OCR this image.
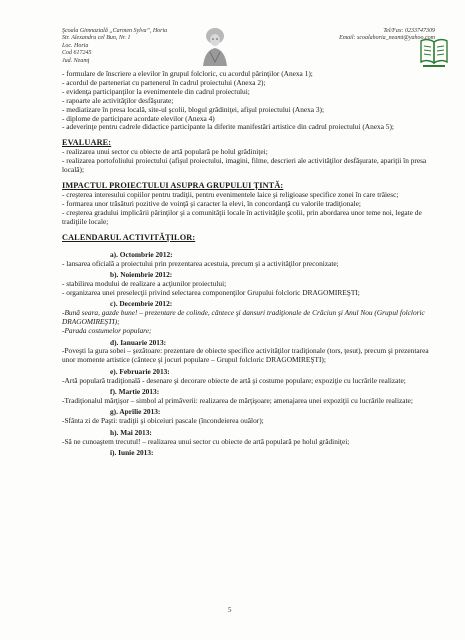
Şcoala Gimnazială „Carmen Sylva”, Horia
Str. Alexandru cel Bun, Nr. 1
Loc. Horia
Cod 617245
Jud. Neamţ
Tel/Fax: 0233747309
Email: scoalahoria_neamt@yahoo.com

- formulare de înscriere a elevilor în grupul folcloric, cu acordul părinţilor (Anexa 1);

- acordul de parteneriat cu partenerul în cadrul proiectului (Anexa 2);

- evidenţa participanţilor la evenimentele din cadrul proiectului;

- rapoarte ale activităţilor desfăşurate;

- mediatizare în presa locală, site-ul şcolii, blogul grădiniţei, afişul proiectului (Anexa 3);

- diplome de participare acordate elevilor (Anexa 4)

- adeverinţe pentru cadrele didactice participante la diferite manifestări artistice din cadrul proiectului (Anexa 5);

EVALUARE:

- realizarea unui sector cu obiecte de artă populară pe holul grădiniţei;

- realizarea portofoliului proiectului (afişul proiectului, imagini, filme, descrieri ale activităţilor desfăşurate, apariţii în presa locală);

IMPACTUL PROIECTULUI ASUPRA GRUPULUI ŢINTĂ:

- creşterea interesului copiilor pentru tradiţii, pentru evenimentele laice şi religioase specifice zonei în care trăiesc;

- formarea unor trăsături pozitive de voinţă şi caracter la elevi, în concordanţă cu valorile tradiţionale;

- creşterea gradului implicării părinţilor şi a comunităţii locale în activităţile şcolii, prin abordarea unor teme noi, legate de tradiţiile locale;

CALENDARUL ACTIVITĂŢILOR:

a). Octombrie 2012:

- lansarea oficială a proiectului prin prezentarea acestuia, precum şi a activităţilor preconizate;

b). Noiembrie 2012:

- stabilirea modului de realizare a acţiunilor proiectului;

- organizarea unei preselecţii privind selectarea componenţilor Grupului folcloric DRAGOMIREŞTI;

c). Decembrie 2012:

-Bună seara, gazde bune! – prezentare de colinde, cântece şi dansuri tradiţionale de Crăciun şi Anul Nou (Grupul folcloric DRAGOMIREŞTI);

-Parada costumelor populare;

d). Ianuarie 2013:

-Poveşti la gura sobei – şezătoare: prezentare de obiecte specifice activităţilor tradiţionale (tors, ţesut), precum şi prezentarea unor momente artistice (cântece şi jocuri populare – Grupul folcloric DRAGOMIREŞTI);

e). Februarie 2013:

-Artă populară tradiţională - desenare şi decorare obiecte de artă şi costume populare; expoziţie cu lucrările realizate;

f). Martie 2013:

-Tradiţionalul mărţişor – simbol al primăverii: realizarea de mărţişoare; amenajarea unei expoziţii cu lucrările realizate;

g). Aprilie 2013:

-Sfânta zi de Paşti: tradiţii şi obiceiuri pascale (încondeierea ouălor);

h). Mai 2013:

-Să ne cunoaştem trecutul! – realizarea unui sector cu obiecte de artă populară pe holul grădiniţei;

i). Iunie 2013:

5
